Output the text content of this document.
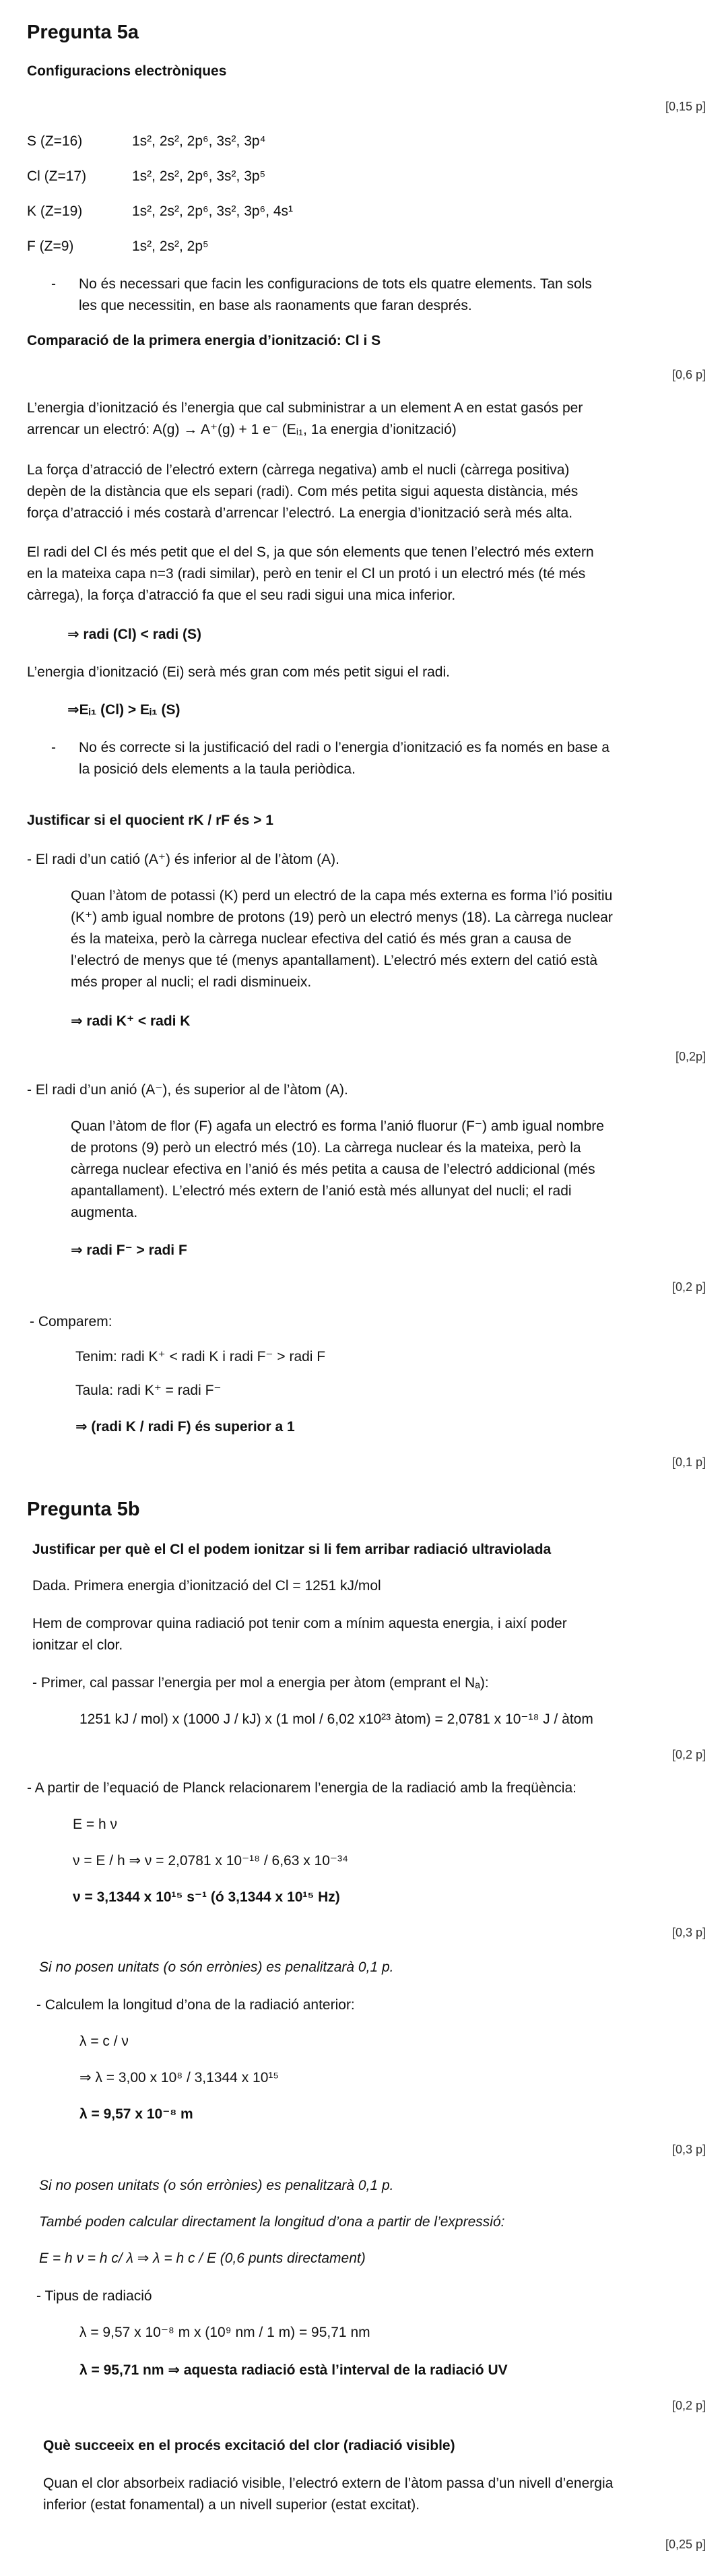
Pregunta 5a
Configuracions electròniques
[0,15 p]
S (Z=16)	1s², 2s², 2p⁶, 3s², 3p⁴
Cl (Z=17)	1s², 2s², 2p⁶, 3s², 3p⁵
K (Z=19)	1s², 2s², 2p⁶, 3s², 3p⁶, 4s¹
F (Z=9)	1s², 2s², 2p⁵
- No és necessari que facin les configuracions de tots els quatre elements. Tan sols
les que necessitin, en base als raonaments que faran després.
Comparació de la primera energia d’ionització: Cl i S
[0,6 p]
L’energia d’ionització és l’energia que cal subministrar a un element A en estat gasós per
arrencar un electró: A(g) → A⁺(g) + 1 e⁻ (Eᵢ₁, 1a energia d’ionització)
La força d’atracció de l’electró extern (càrrega negativa) amb el nucli (càrrega positiva)
depèn de la distància que els separi (radi). Com més petita sigui aquesta distància, més
força d’atracció i més costarà d’arrencar l’electró. La energia d’ionització serà més alta.
El radi del Cl és més petit que el del S, ja que són elements que tenen l’electró més extern
en la mateixa capa n=3 (radi similar), però en tenir el Cl un protó i un electró més (té més
càrrega), la força d’atracció fa que el seu radi sigui una mica inferior.
⇒ radi (Cl) < radi (S)
L’energia d’ionització (Ei) serà més gran com més petit sigui el radi.
⇒Eᵢ₁ (Cl) > Eᵢ₁ (S)
- No és correcte si la justificació del radi o l’energia d’ionització es fa només en base a
la posició dels elements a la taula periòdica.
Justificar si el quocient rK / rF és > 1
- El radi d’un catió (A⁺) és inferior al de l’àtom (A).
Quan l’àtom de potassi (K) perd un electró de la capa més externa es forma l’ió positiu
(K⁺) amb igual nombre de protons (19) però un electró menys (18). La càrrega nuclear
és la mateixa, però la càrrega nuclear efectiva del catió és més gran a causa de
l’electró de menys que té (menys apantallament). L’electró més extern del catió està
més proper al nucli; el radi disminueix.
⇒ radi K⁺ < radi K
[0,2p]
- El radi d’un anió (A⁻), és superior al de l’àtom (A).
Quan l’àtom de flor (F) agafa un electró es forma l’anió fluorur (F⁻) amb igual nombre
de protons (9) però un electró més (10). La càrrega nuclear és la mateixa, però la
càrrega nuclear efectiva en l’anió és més petita a causa de l’electró addicional (més
apantallament). L’electró més extern de l’anió està més allunyat del nucli; el radi
augmenta.
⇒ radi F⁻ > radi F
[0,2 p]
- Comparem:
Tenim: radi K⁺ < radi K i radi F⁻ > radi F
Taula: radi K⁺ = radi F⁻
⇒ (radi K / radi F) és superior a 1
[0,1 p]
Pregunta 5b
Justificar per què el Cl el podem ionitzar si li fem arribar radiació ultraviolada
Dada. Primera energia d’ionització del Cl = 1251 kJ/mol
Hem de comprovar quina radiació pot tenir com a mínim aquesta energia, i així poder
ionitzar el clor.
- Primer, cal passar l’energia per mol a energia per àtom (emprant el Nₐ):
1251 kJ / mol) x (1000 J / kJ) x (1 mol / 6,02 x10²³ àtom) = 2,0781 x 10⁻¹⁸ J / àtom
[0,2 p]
- A partir de l’equació de Planck relacionarem l’energia de la radiació amb la freqüència:
E = h ν
ν = E / h ⇒ ν = 2,0781 x 10⁻¹⁸ / 6,63 x 10⁻³⁴
ν = 3,1344 x 10¹⁵ s⁻¹ (ó 3,1344 x 10¹⁵ Hz)
[0,3 p]
Si no posen unitats (o són errònies) es penalitzarà 0,1 p.
- Calculem la longitud d’ona de la radiació anterior:
λ = c / ν
⇒ λ = 3,00 x 10⁸ / 3,1344 x 10¹⁵
λ = 9,57 x 10⁻⁸ m
[0,3 p]
Si no posen unitats (o són errònies) es penalitzarà 0,1 p.
També poden calcular directament la longitud d’ona a partir de l’expressió:
E = h ν = h c/ λ ⇒ λ = h c / E (0,6 punts directament)
- Tipus de radiació
λ = 9,57 x 10⁻⁸ m x (10⁹ nm / 1 m) = 95,71 nm
λ = 95,71 nm ⇒ aquesta radiació està l’interval de la radiació UV
[0,2 p]
Què succeeix en el procés excitació del clor (radiació visible)
Quan el clor absorbeix radiació visible, l’electró extern de l’àtom passa d’un nivell d’energia
inferior (estat fonamental) a un nivell superior (estat excitat).
[0,25 p]
